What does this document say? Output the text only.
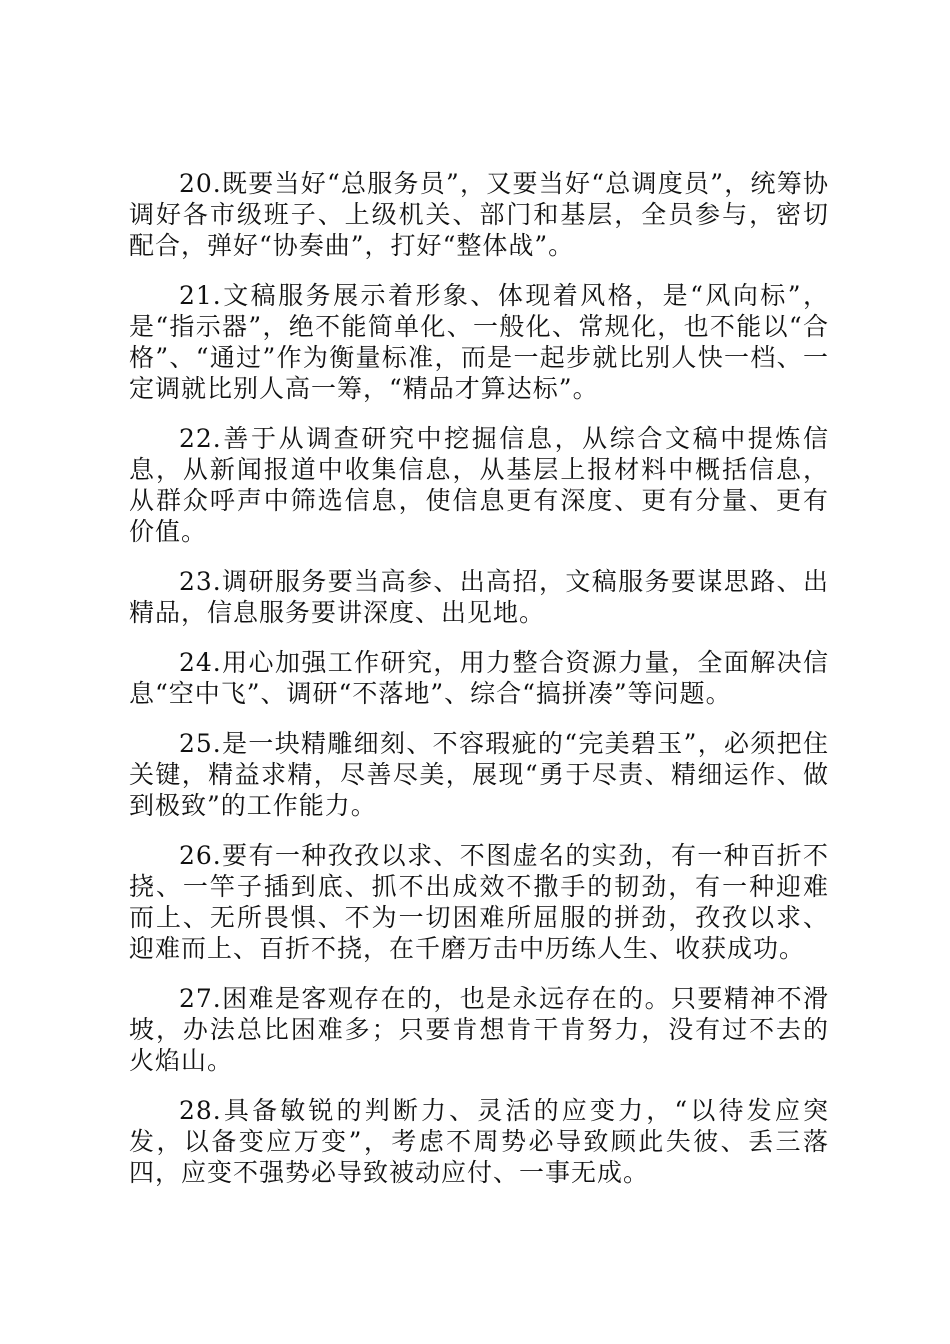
20.既要当好“总服务员”，又要当好“总调度员”，统筹协调好各市级班子、上级机关、部门和基层，全员参与，密切配合，弹好“协奏曲”，打好“整体战”。

21.文稿服务展示着形象、体现着风格，是“风向标”，是“指示器”，绝不能简单化、一般化、常规化，也不能以“合格”、“通过”作为衡量标准，而是一起步就比别人快一档、一定调就比别人高一筹，“精品才算达标”。

22.善于从调查研究中挖掘信息，从综合文稿中提炼信息，从新闻报道中收集信息，从基层上报材料中概括信息，从群众呼声中筛选信息，使信息更有深度、更有分量、更有价值。

23.调研服务要当高参、出高招，文稿服务要谋思路、出精品，信息服务要讲深度、出见地。

24.用心加强工作研究，用力整合资源力量，全面解决信息“空中飞”、调研“不落地”、综合“搞拼凑”等问题。

25.是一块精雕细刻、不容瑕疵的“完美碧玉”，必须把住关键，精益求精，尽善尽美，展现“勇于尽责、精细运作、做到极致”的工作能力。

26.要有一种孜孜以求、不图虚名的实劲，有一种百折不挠、一竿子插到底、抓不出成效不撒手的韧劲，有一种迎难而上、无所畏惧、不为一切困难所屈服的拼劲，孜孜以求、迎难而上、百折不挠，在千磨万击中历练人生、收获成功。

27.困难是客观存在的，也是永远存在的。只要精神不滑坡，办法总比困难多；只要肯想肯干肯努力，没有过不去的火焰山。

28.具备敏锐的判断力、灵活的应变力，“以待发应突发，以备变应万变”，考虑不周势必导致顾此失彼、丢三落四，应变不强势必导致被动应付、一事无成。
